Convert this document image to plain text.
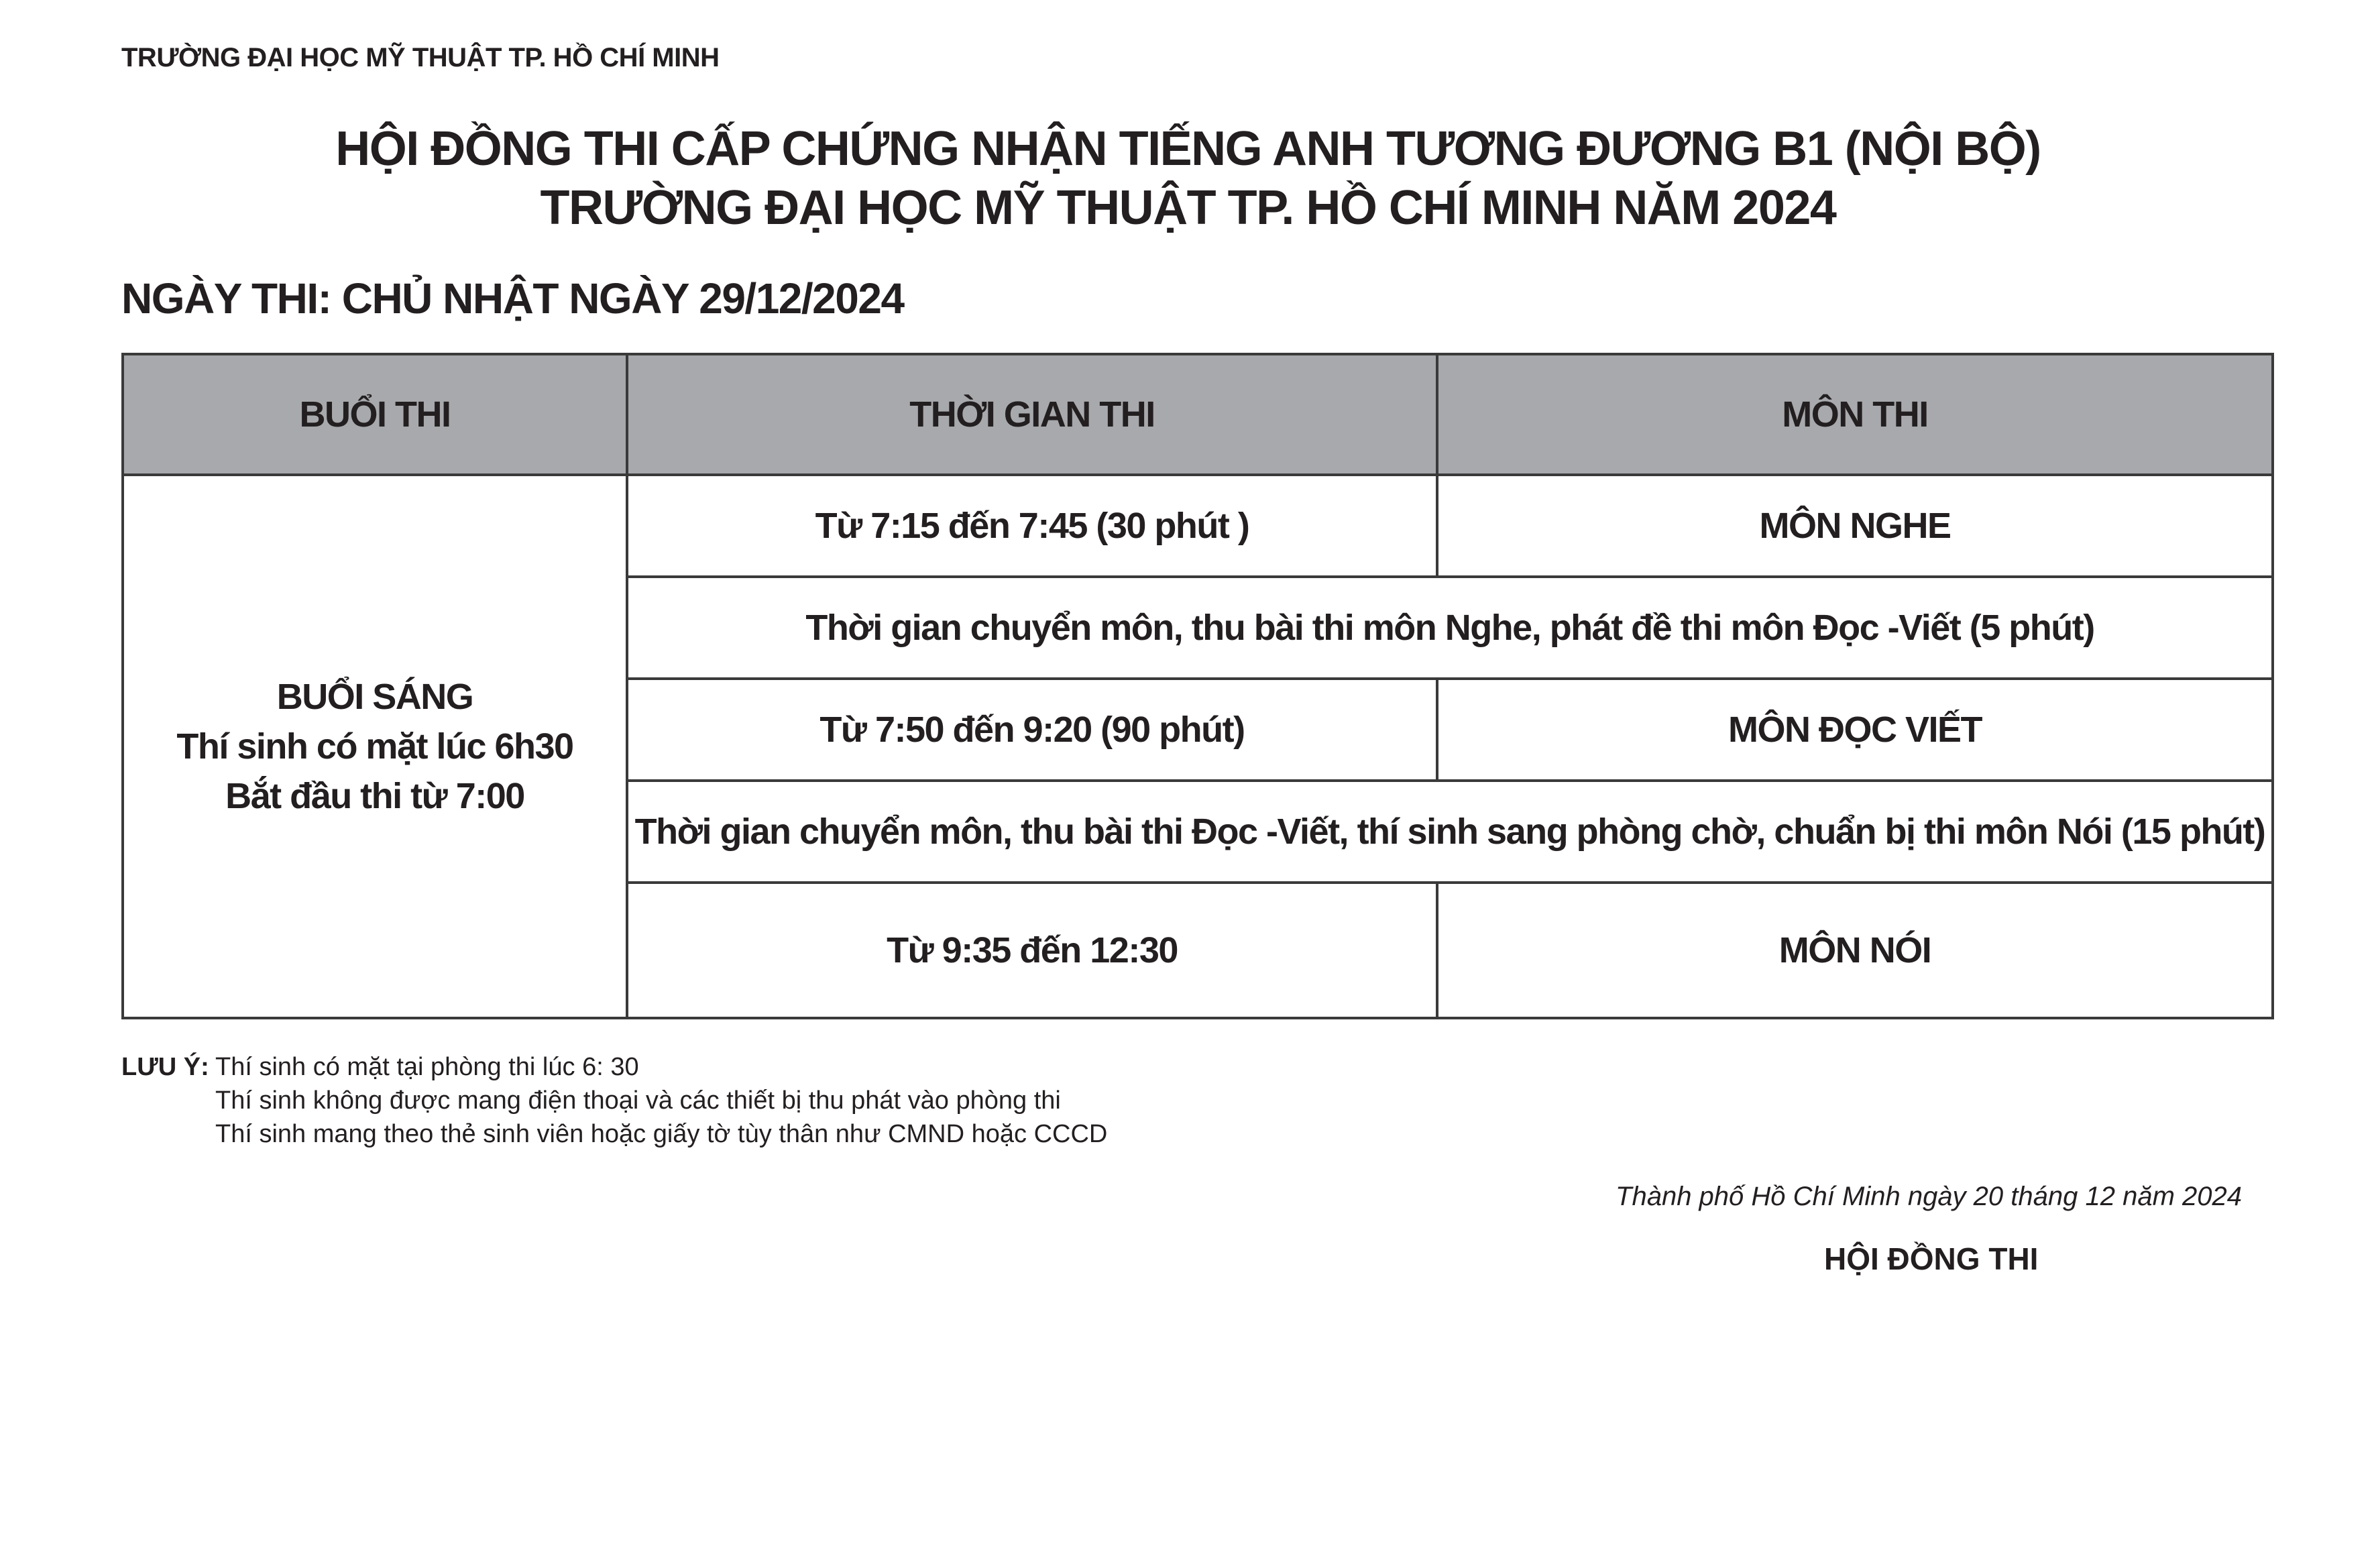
TRƯỜNG ĐẠI HỌC MỸ THUẬT TP. HỒ CHÍ MINH
HỘI ĐỒNG THI CẤP CHỨNG NHẬN TIẾNG ANH TƯƠNG ĐƯƠNG B1 (NỘI BỘ)
TRƯỜNG ĐẠI HỌC MỸ THUẬT TP. HỒ CHÍ MINH NĂM 2024
NGÀY THI: CHỦ NHẬT NGÀY 29/12/2024
BUỔI THI	THỜI GIAN THI	MÔN THI

BUỔI SÁNG
Thí sinh có mặt lúc 6h30
Bắt đầu thi từ 7:00	Từ 7:15 đến 7:45 (30 phút )	MÔN NGHE
	Thời gian chuyển môn, thu bài thi môn Nghe, phát đề thi môn Đọc -Viết (5 phút)	
	Từ 7:50 đến 9:20 (90 phút)	MÔN ĐỌC VIẾT
	Thời gian chuyển môn, thu bài thi Đọc -Viết, thí sinh sang phòng chờ, chuẩn bị thi môn Nói (15 phút)	
	Từ 9:35 đến 12:30	MÔN NÓI
LƯU Ý: Thí sinh có mặt tại phòng thi lúc 6: 30
Thí sinh không được mang điện thoại và các thiết bị thu phát vào phòng thi
Thí sinh mang theo thẻ sinh viên hoặc giấy tờ tùy thân như CMND hoặc CCCD
Thành phố Hồ Chí Minh ngày 20 tháng 12 năm 2024
HỘI ĐỒNG THI
